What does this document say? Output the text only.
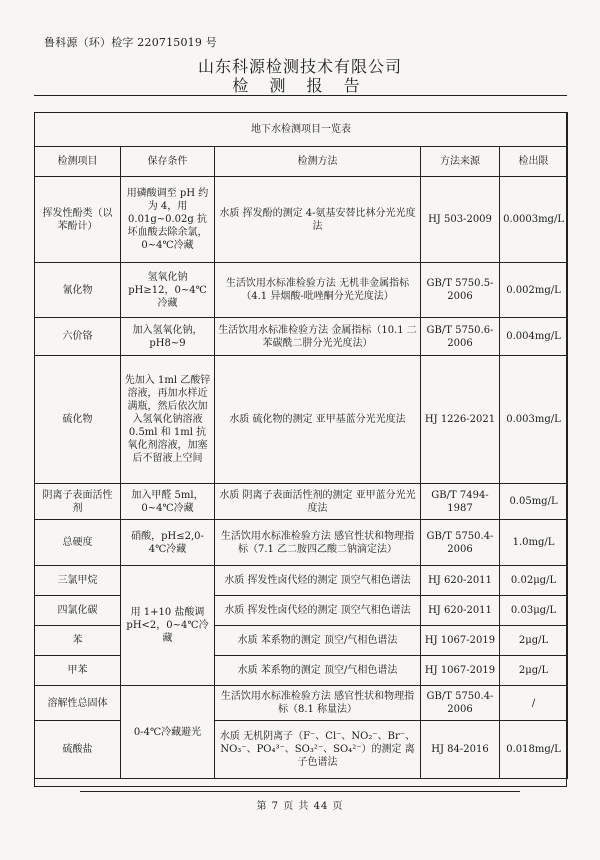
鲁科源（环）检字 220715019 号
山东科源检测技术有限公司
检 测 报 告
地下水检测项目一览表				
检测项目	保存条件	检测方法	方法来源	检出限
挥发性酚类（以苯酚计）	用磷酸调至 pH 约为 4，用 0.01g~0.02g 抗坏血酸去除余氯，0~4℃冷藏	水质 挥发酚的测定 4-氨基安替比林分光光度法	HJ 503-2009	0.0003mg/L
氰化物	氢氧化钠 pH≥12，0~4℃冷藏	生活饮用水标准检验方法 无机非金属指标（4.1 异烟酸-吡唑酮分光光度法）	GB/T 5750.5-2006	0.002mg/L
六价铬	加入氢氧化钠，pH8~9	生活饮用水标准检验方法 金属指标（10.1 二苯碳酰二肼分光光度法）	GB/T 5750.6-2006	0.004mg/L
硫化物	先加入 1ml 乙酸锌溶液，再加水样近满瓶，然后依次加入氢氧化钠溶液 0.5ml 和 1ml 抗氧化剂溶液，加塞后不留液上空间	水质 硫化物的测定 亚甲基蓝分光光度法	HJ 1226-2021	0.003mg/L
阴离子表面活性剂	加入甲醛 5ml，0~4℃冷藏	水质 阴离子表面活性剂的测定 亚甲蓝分光光度法	GB/T 7494-1987	0.05mg/L
总硬度	硝酸，pH≤2,0-4℃冷藏	生活饮用水标准检验方法 感官性状和物理指标（7.1 乙二胺四乙酸二钠滴定法）	GB/T 5750.4-2006	1.0mg/L
三氯甲烷	用 1+10 盐酸调 pH<2，0~4℃冷藏	水质 挥发性卤代烃的测定 顶空气相色谱法	HJ 620-2011	0.02μg/L
四氯化碳		水质 挥发性卤代烃的测定 顶空气相色谱法	HJ 620-2011	0.03μg/L
苯		水质 苯系物的测定 顶空/气相色谱法	HJ 1067-2019	2μg/L
甲苯		水质 苯系物的测定 顶空/气相色谱法	HJ 1067-2019	2μg/L
溶解性总固体	0-4℃冷藏避光	生活饮用水标准检验方法 感官性状和物理指标（8.1 称量法）	GB/T 5750.4-2006	/
硫酸盐		水质 无机阴离子（F⁻、Cl⁻、NO₂⁻、Br⁻、NO₃⁻、PO₄³⁻、SO₃²⁻、SO₄²⁻）的测定 离子色谱法	HJ 84-2016	0.018mg/L
第 7 页 共 44 页
